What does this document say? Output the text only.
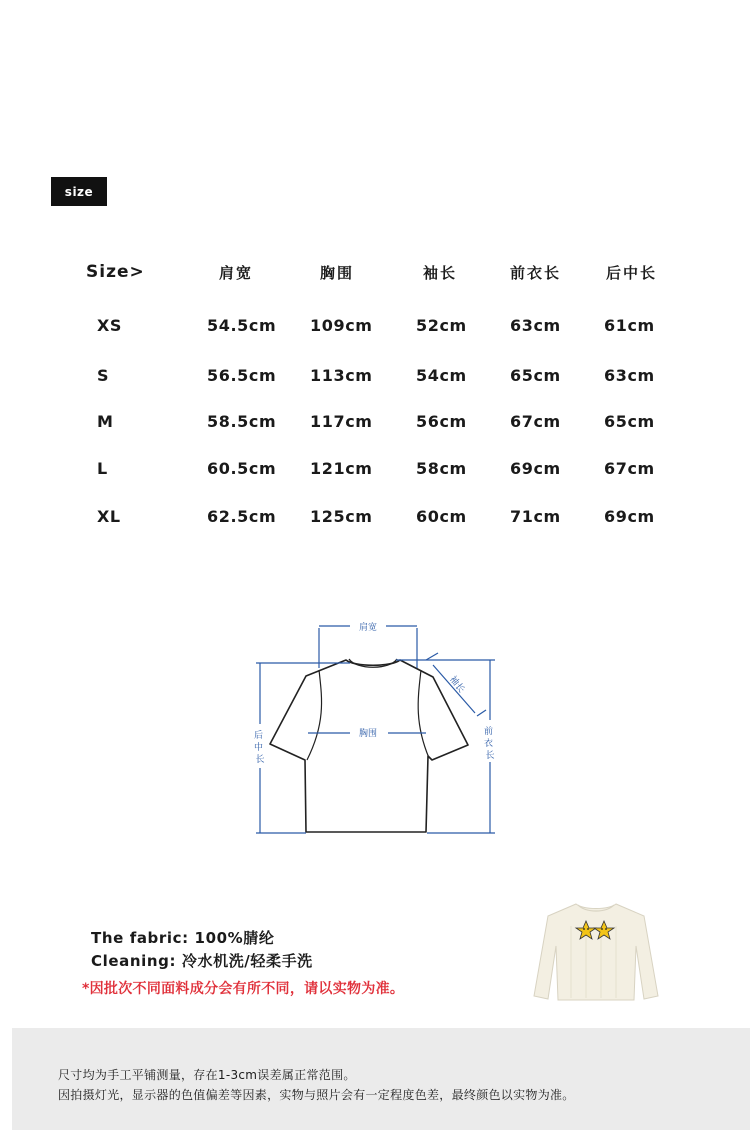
size
Size>	肩宽	胸围	袖长	前衣长	后中长
XS	54.5cm 109cm	52cm	63cm	61cm
S	56.5cm 113cm	54cm	65cm	63cm
M	58.5cm 117cm	56cm	67cm	65cm
L	60.5cm 121cm	58cm	69cm	67cm
XL	62.5cm 125cm	60cm	71cm	69cm
肩宽
胸围
袖长
前 衣 长
后 中 长
The fabric: 100%腈纶
Cleaning: 冷水机洗/轻柔手洗
*因批次不同面料成分会有所不同，请以实物为准。

尺寸均为手工平铺测量，存在1-3cm误差属正常范围。

因拍摄灯光，显示器的色值偏差等因素，实物与照片会有一定程度色差，最终颜色以实物为准。
